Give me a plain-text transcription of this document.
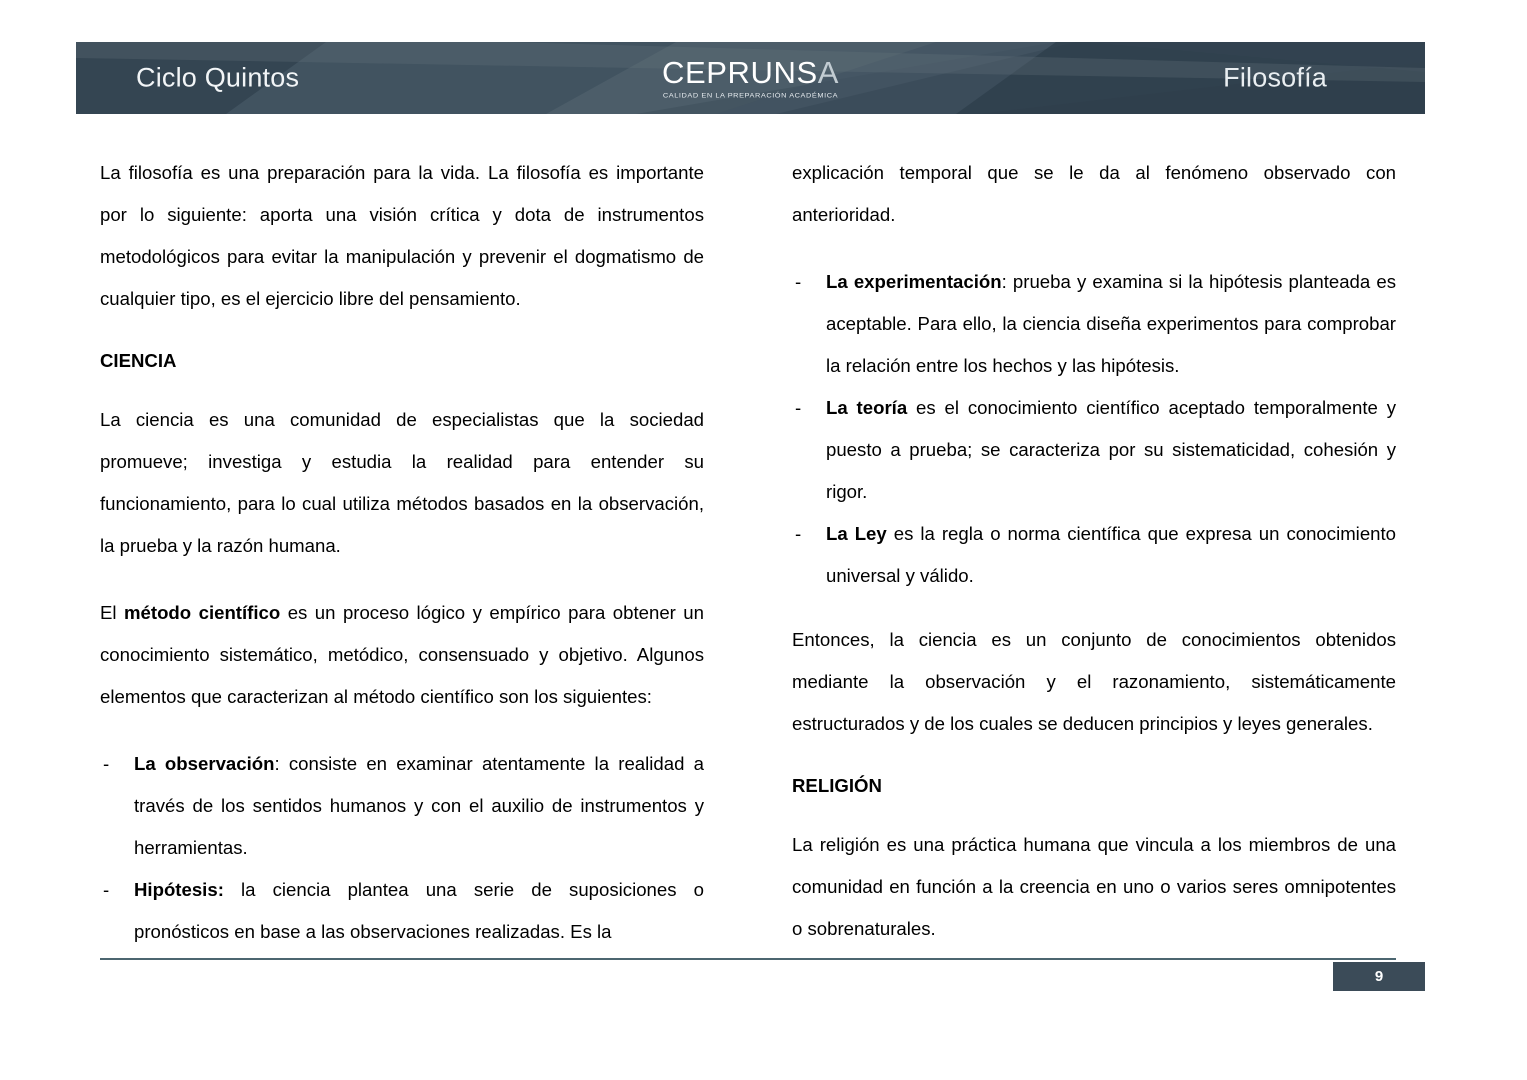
Ciclo Quintos	CEPRUNSA
CALIDAD EN LA PREPARACIÓN ACADÉMICA
Filosofía

La filosofía es una preparación para la vida. La filosofía es importante por lo siguiente: aporta una visión crítica y dota de instrumentos metodológicos para evitar la manipulación y prevenir el dogmatismo de cualquier tipo, es el ejercicio libre del pensamiento.

CIENCIA

La ciencia es una comunidad de especialistas que la sociedad promueve; investiga y estudia la realidad para entender su funcionamiento, para lo cual utiliza métodos basados en la observación, la prueba y la razón humana.

El método científico es un proceso lógico y empírico para obtener un conocimiento sistemático, metódico, consensuado y objetivo. Algunos elementos que caracterizan al método científico son los siguientes:

- La observación: consiste en examinar atentamente la realidad a través de los sentidos humanos y con el auxilio de instrumentos y herramientas.
- Hipótesis: la ciencia plantea una serie de suposiciones o pronósticos en base a las observaciones realizadas. Es la

explicación temporal que se le da al fenómeno observado con anterioridad.

- La experimentación: prueba y examina si la hipótesis planteada es aceptable. Para ello, la ciencia diseña experimentos para comprobar la relación entre los hechos y las hipótesis.
- La teoría es el conocimiento científico aceptado temporalmente y puesto a prueba; se caracteriza por su sistematicidad, cohesión y rigor.
- La Ley es la regla o norma científica que expresa un conocimiento universal y válido.

Entonces, la ciencia es un conjunto de conocimientos obtenidos mediante la observación y el razonamiento, sistemáticamente estructurados y de los cuales se deducen principios y leyes generales.

RELIGIÓN

La religión es una práctica humana que vincula a los miembros de una comunidad en función a la creencia en uno o varios seres omnipotentes o sobrenaturales.

9
